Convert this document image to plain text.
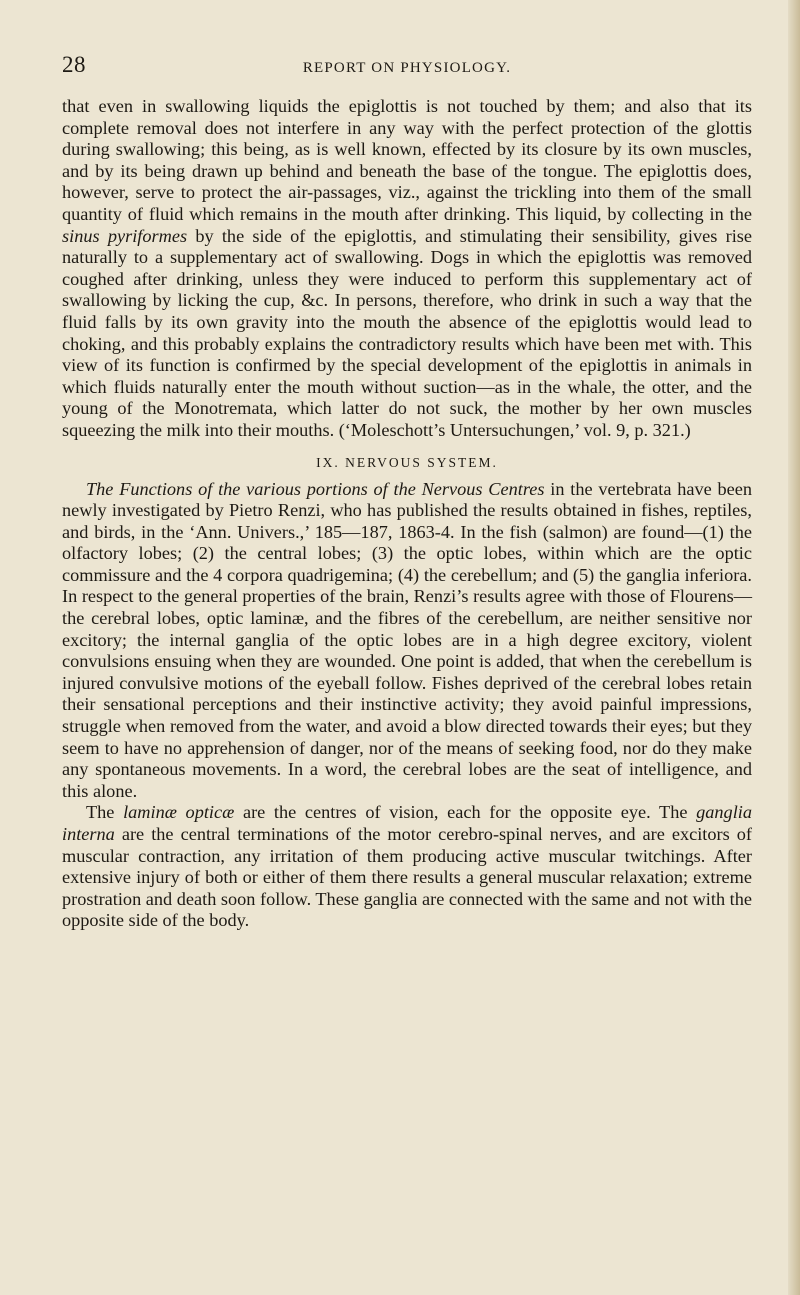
28	REPORT ON PHYSIOLOGY.

that even in swallowing liquids the epiglottis is not touched by them; and also that its complete removal does not interfere in any way with the perfect protection of the glottis during swallowing; this being, as is well known, effected by its closure by its own muscles, and by its being drawn up behind and beneath the base of the tongue. The epiglottis does, however, serve to protect the air-passages, viz., against the trickling into them of the small quantity of fluid which remains in the mouth after drinking. This liquid, by collecting in the sinus pyriformes by the side of the epiglottis, and stimulating their sensibility, gives rise naturally to a supplementary act of swallowing. Dogs in which the epiglottis was removed coughed after drinking, unless they were induced to perform this supplementary act of swallowing by licking the cup, &c. In persons, therefore, who drink in such a way that the fluid falls by its own gravity into the mouth the absence of the epiglottis would lead to choking, and this probably explains the contradictory results which have been met with. This view of its function is confirmed by the special development of the epiglottis in animals in which fluids naturally enter the mouth without suction—as in the whale, the otter, and the young of the Monotremata, which latter do not suck, the mother by her own muscles squeezing the milk into their mouths. (‘Moleschott’s Untersuchungen,’ vol. 9, p. 321.)

IX. NERVOUS SYSTEM.

The Functions of the various portions of the Nervous Centres in the vertebrata have been newly investigated by Pietro Renzi, who has published the results obtained in fishes, reptiles, and birds, in the ‘Ann. Univers.,’ 185—187, 1863-4. In the fish (salmon) are found—(1) the olfactory lobes; (2) the central lobes; (3) the optic lobes, within which are the optic commissure and the 4 corpora quadrigemina; (4) the cerebellum; and (5) the ganglia inferiora. In respect to the general properties of the brain, Renzi’s results agree with those of Flourens—the cerebral lobes, optic laminæ, and the fibres of the cerebellum, are neither sensitive nor excitory; the internal ganglia of the optic lobes are in a high degree excitory, violent convulsions ensuing when they are wounded. One point is added, that when the cerebellum is injured convulsive motions of the eyeball follow. Fishes deprived of the cerebral lobes retain their sensational perceptions and their instinctive activity; they avoid painful impressions, struggle when removed from the water, and avoid a blow directed towards their eyes; but they seem to have no apprehension of danger, nor of the means of seeking food, nor do they make any spontaneous movements. In a word, the cerebral lobes are the seat of intelligence, and this alone.

The laminæ opticæ are the centres of vision, each for the opposite eye. The ganglia interna are the central terminations of the motor cerebro-spinal nerves, and are excitors of muscular contraction, any irritation of them producing active muscular twitchings. After extensive injury of both or either of them there results a general muscular relaxation; extreme prostration and death soon follow. These ganglia are connected with the same and not with the opposite side of the body.
